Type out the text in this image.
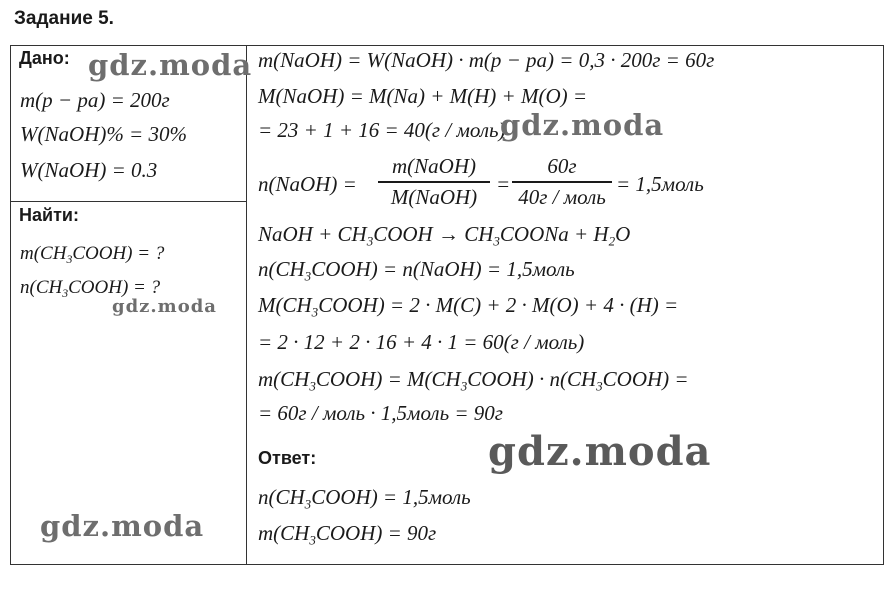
Задание 5.
Дано:
m(p − pa) = 200г
W(NaOH)% = 30%
W(NaOH) = 0.3
Найти:
$m(CH_3COOH)$ = ?
$n(CH_3COOH)$ = ?
m(NaOH) = W(NaOH) · m(p − pa) = 0,3 · 200г = 60г
M(NaOH) = M(Na) + M(H) + M(O) =
= 23 + 1 + 16 = 40(г / моль)
n(NaOH) =
m(NaOH)
M(NaOH)
=
60г
40г / моль
= 1,5моль
NaOH + $CH_3COOH$ → $CH_3COONa + H_2O$
$n(CH_3COOH)$ = n(NaOH) = 1,5моль
$M(CH_3COOH) = 2 \cdot M(C) + 2 \cdot M(O) + 4 \cdot (H)$ =
= 2 · 12 + 2 · 16 + 4 · 1 = 60(г / моль)
$m(CH_3COOH)$ = $M(CH_3COOH)$ · $n(CH_3COOH)$ =
= 60г / моль · 1,5моль = 90г
Ответ:
$n(CH_3COOH)$ = 1,5моль
$m(CH_3COOH) = 90г$
gdz.moda
gdz.moda
gdz.moda
gdz.moda
gdz.moda
